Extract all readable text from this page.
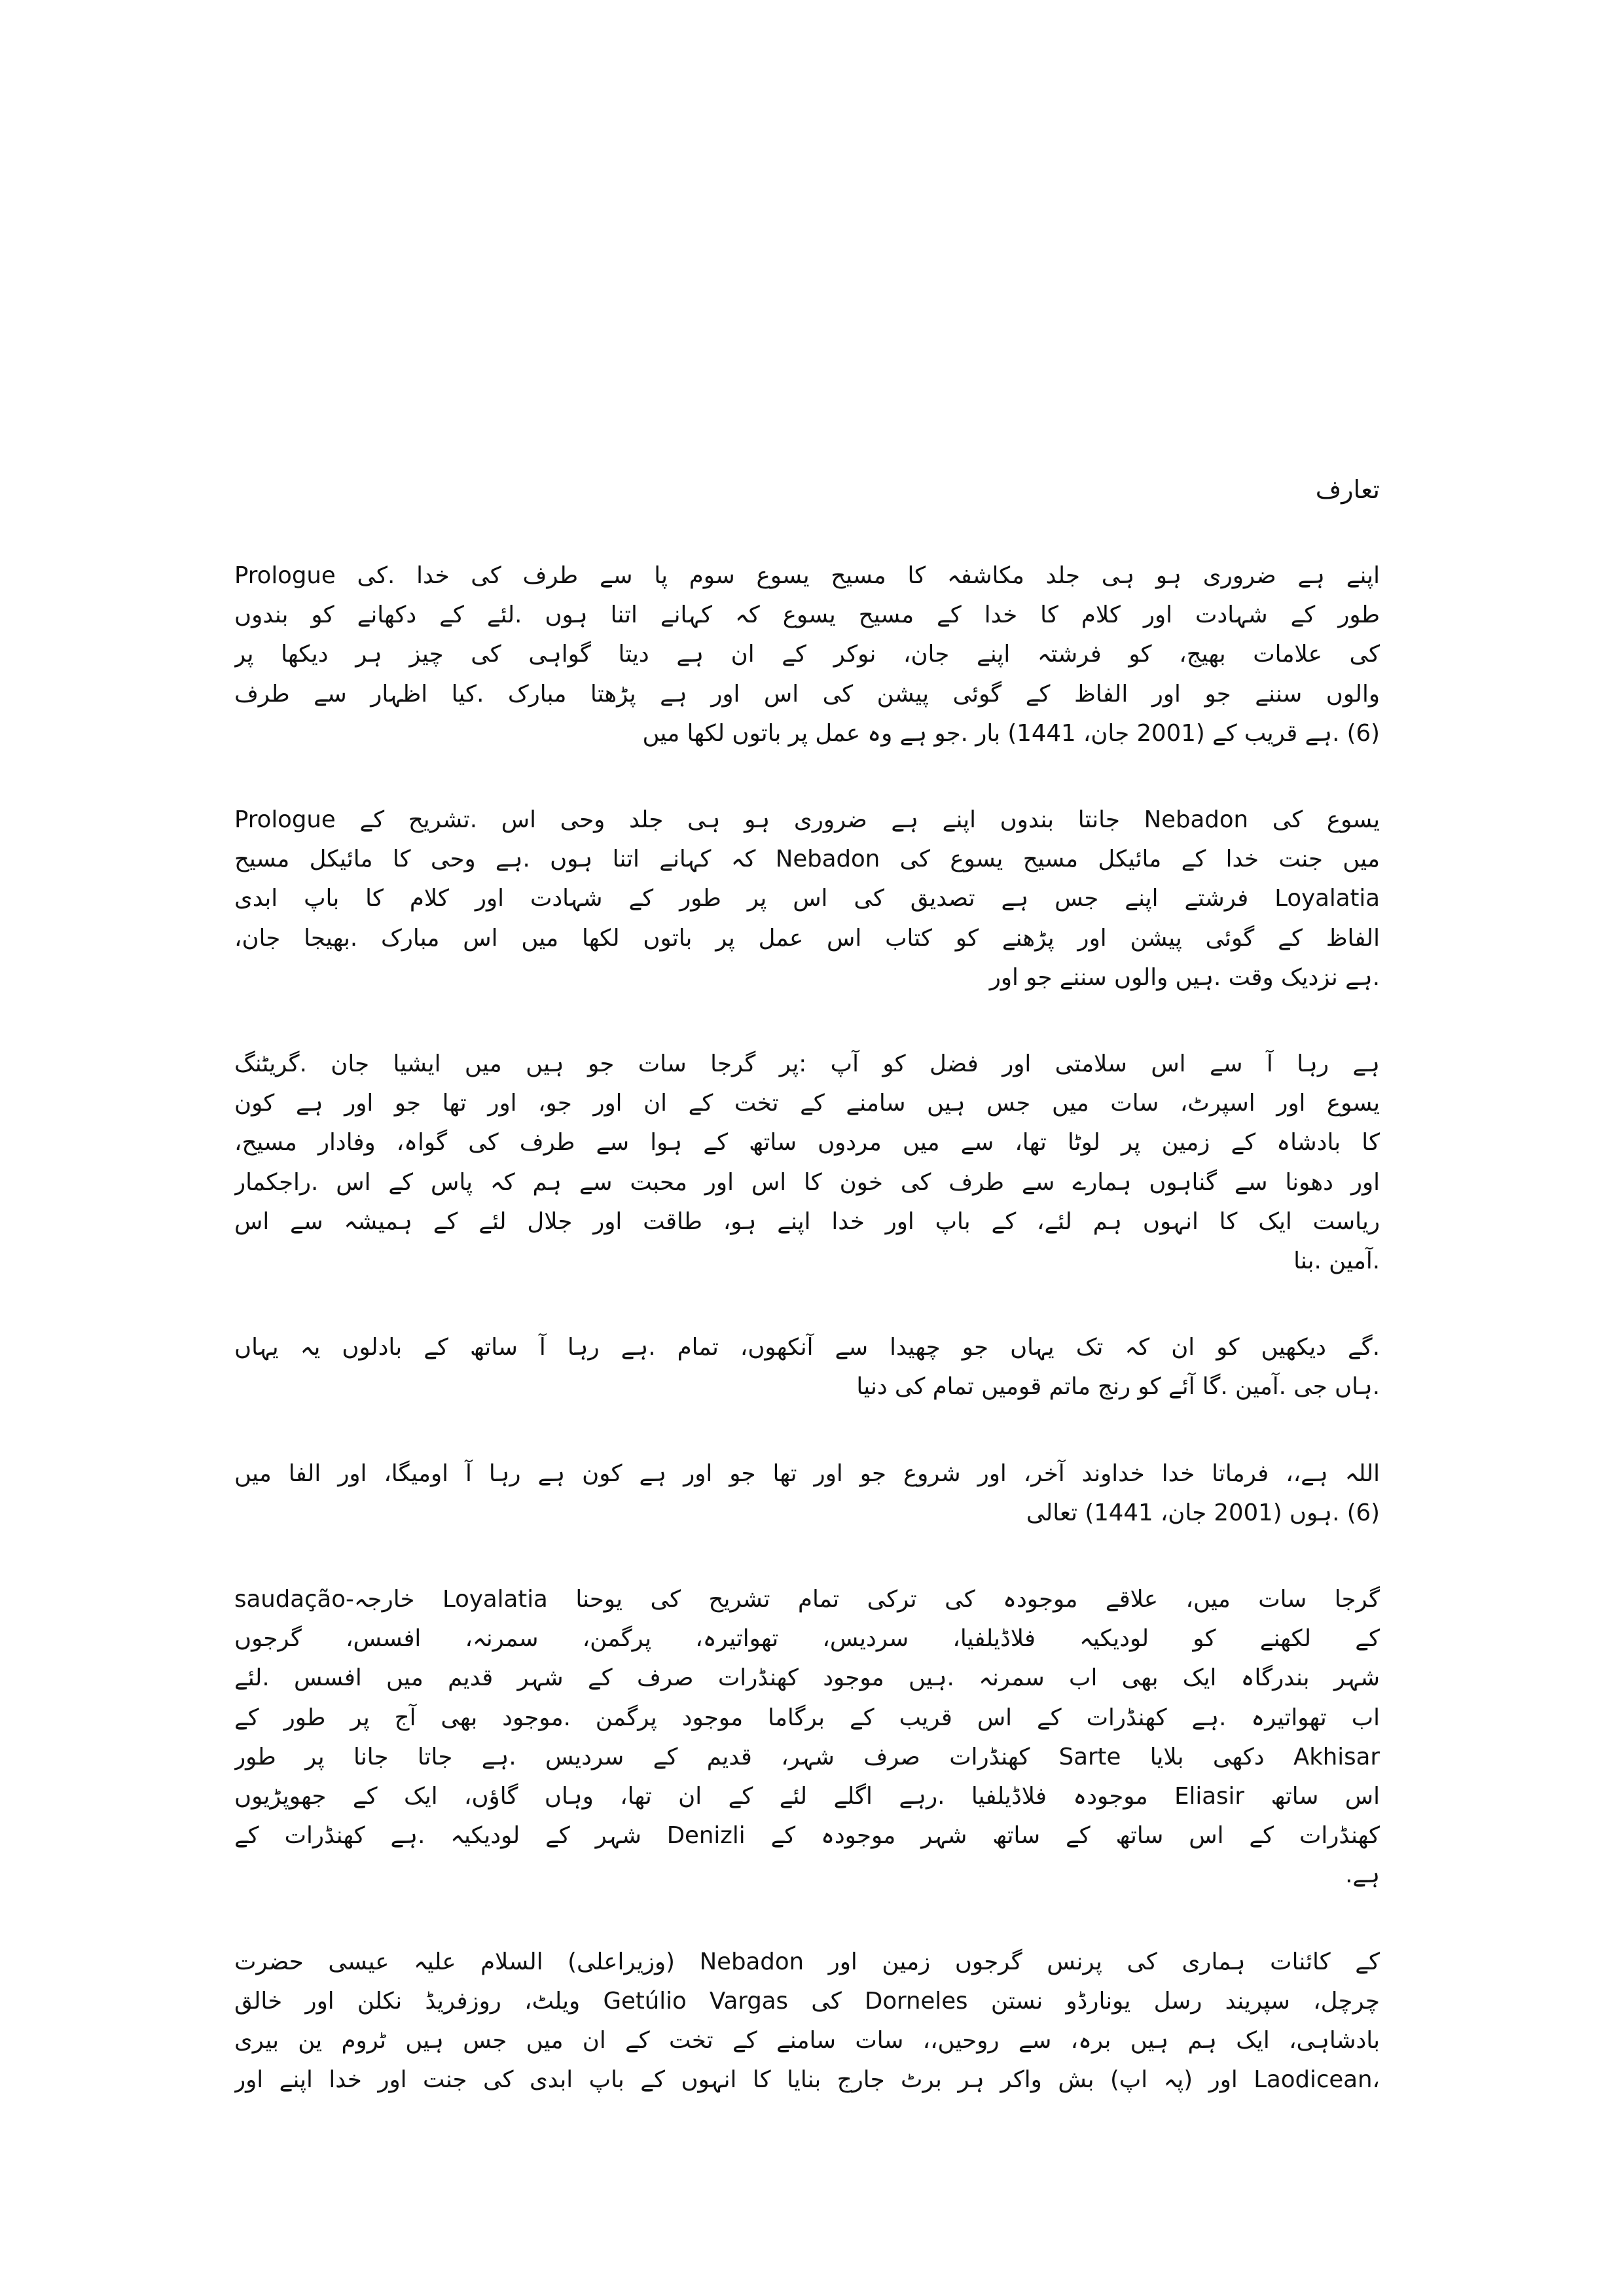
تعارف
اپنے ہے ضروری ہو ہی جلد مکاشفہ کا مسیح یسوع سوم پا سے طرف کی خدا .کی Prologue
طور کے شہادت اور کلام کا خدا کے مسیح یسوع کہ کہانے اتنا ہوں .لئے کے دکھانے کو بندوں
کی علامات بھیج، کو فرشتہ اپنے جان، نوکر کے ان ہے دیتا گواہی کی چیز ہر دیکھا پر
والوں سننے جو اور الفاظ کے گوئی پیشن کی اس اور ہے پڑھتا مبارک .کیا اظہار سے طرف
(6) .ہے قریب کے (2001 جان، 1441) بار .جو ہے وہ عمل پر باتوں لکھا میں
یسوع کی Nebadon جانتا بندوں اپنے ہے ضروری ہو ہی جلد وحی اس .تشریح کے Prologue
میں جنت خدا کے مائیکل مسیح یسوع کی Nebadon کہ کہانے اتنا ہوں .ہے وحی کا مائیکل مسیح
Loyalatia فرشتے اپنے جس ہے تصدیق کی اس پر طور کے شہادت اور کلام کا باپ ابدی
الفاظ کے گوئی پیشن اور پڑھنے کو کتاب اس عمل پر باتوں لکھا میں اس مبارک .بھیجا جان،
.ہے نزدیک وقت .ہیں والوں سننے جو اور
ہے رہا آ سے اس سلامتی اور فضل کو آپ :پر گرجا سات جو ہیں میں ایشیا جان .گریٹنگ
یسوع اور اسپرٹ، سات میں جس ہیں سامنے کے تخت کے ان اور جو، اور تھا جو اور ہے کون
کا بادشاہ کے زمین پر لوٹا تھا، سے میں مردوں ساتھ کے ہوا سے طرف کی گواہ، وفادار مسیح،
اور دھونا سے گناہوں ہمارے سے طرف کی خون کا اس اور محبت سے ہم کہ پاس کے اس .راجکمار
ریاست ایک کا انہوں ہم لئے، کے باپ اور خدا اپنے ہو، طاقت اور جلال لئے کے ہمیشہ سے اس
.آمین .بنا
.گے دیکھیں کو ان کہ تک یہاں جو چھیدا سے آنکھوں، تمام .ہے رہا آ ساتھ کے بادلوں یہ یہاں
.ہاں جی .آمین .گا آئے کو رنج ماتم قومیں تمام کی دنیا
اللہ ہے،، فرماتا خدا خداوند آخر، اور شروع جو اور تھا جو اور ہے کون ہے رہا آ اومیگا، اور الفا میں
(6) .ہوں (2001 جان، 1441) تعالی
گرجا سات میں، علاقے موجودہ کی ترکی تمام تشریح کی یوحنا Loyalatia خارجہ-saudação
کے لکھنے کو لودیکیہ فلاڈیلفیا، سردیس، تھواتیرہ، پرگمن، سمرنہ، افسس، گرجوں
شہر بندرگاہ ایک بھی اب سمرنہ .ہیں موجود کھنڈرات صرف کے شہر قدیم میں افسس .لئے
اب تھواتیرہ .ہے کھنڈرات کے اس قریب کے برگاما موجود پرگمن .موجود بھی آج پر طور کے
Akhisar دکھی بلایا Sarte کھنڈرات صرف شہر، قدیم کے سردیس .ہے جاتا جانا پر طور
اس ساتھ Eliasir موجودہ فلاڈیلفیا .رہے اگلے لئے کے ان تھا، وہاں گاؤں، ایک کے جھوپڑیوں
کھنڈرات کے اس ساتھ کے ساتھ شہر موجودہ کے Denizli شہر کے لودیکیہ .ہے کھنڈرات کے
ہے.
کے کائنات ہماری کی پرنس گرجوں زمین اور Nebadon (وزیراعلی) السلام علیہ عیسی حضرت
چرچل، سپریند رسل یونارڈو نستن Dorneles کی Getúlio Vargas ویلٹ، روزفریڈ نکلن اور خالق
بادشاہی، ایک ہم ہیں برہ، سے روحیں،، سات سامنے کے تخت کے ان میں جس ہیں ٹروم ین بیری
،Laodicean اور (پہ اپ) بش واکر ہر برٹ جارج بنایا کا انہوں کے باپ ابدی کی جنت اور خدا اپنے اور
